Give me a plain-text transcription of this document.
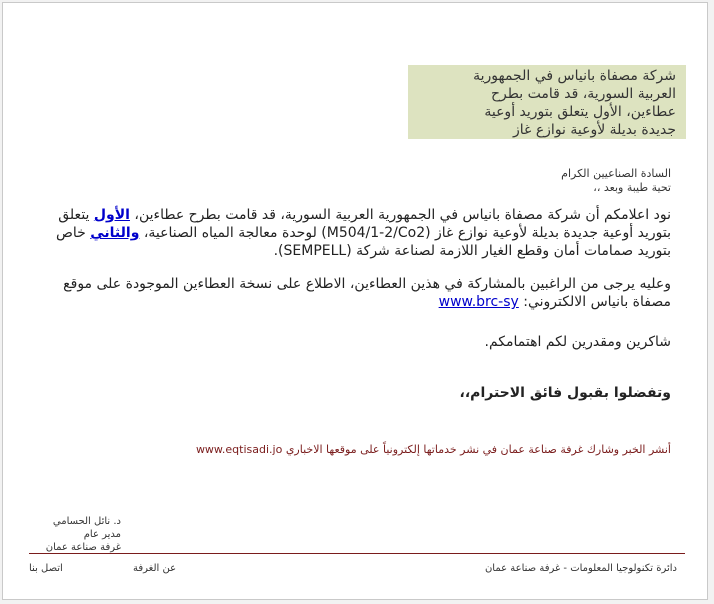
شركة مصفاة بانياس في الجمهورية
العربية السورية، قد قامت بطرح
عطاءين، الأول يتعلق بتوريد أوعية
جديدة بديلة لأوعية نوازع غاز
السادة الصناعيين الكرام
تحية طيبة وبعد ،،
نود اعلامكم أن شركة مصفاة بانياس في الجمهورية العربية السورية، قد قامت بطرح عطاءين، الأول يتعلق بتوريد أوعية جديدة بديلة لأوعية نوازع غاز (M504/1-2/Co2) لوحدة معالجة المياه الصناعية، والثاني خاص بتوريد صمامات أمان وقطع الغيار اللازمة لصناعة شركة (SEMPELL).
وعليه يرجى من الراغبين بالمشاركة في هذين العطاءين، الاطلاع على نسخة العطاءين الموجودة على موقع مصفاة بانياس الالكتروني: www.brc-sy
شاكرين ومقدرين لكم اهتمامكم.
وتفضلوا بقبول فائق الاحترام،،
أنشر الخبر وشارك غرفة صناعة عمان في نشر خدماتها إلكترونياً على موقعها الاخباري www.eqtisadi.jo
د. نائل الحسامي
مدير عام
غرفة صناعة عمان
دائرة تكنولوجيا المعلومات - غرفة صناعة عمان
عن الغرفة
اتصل بنا
